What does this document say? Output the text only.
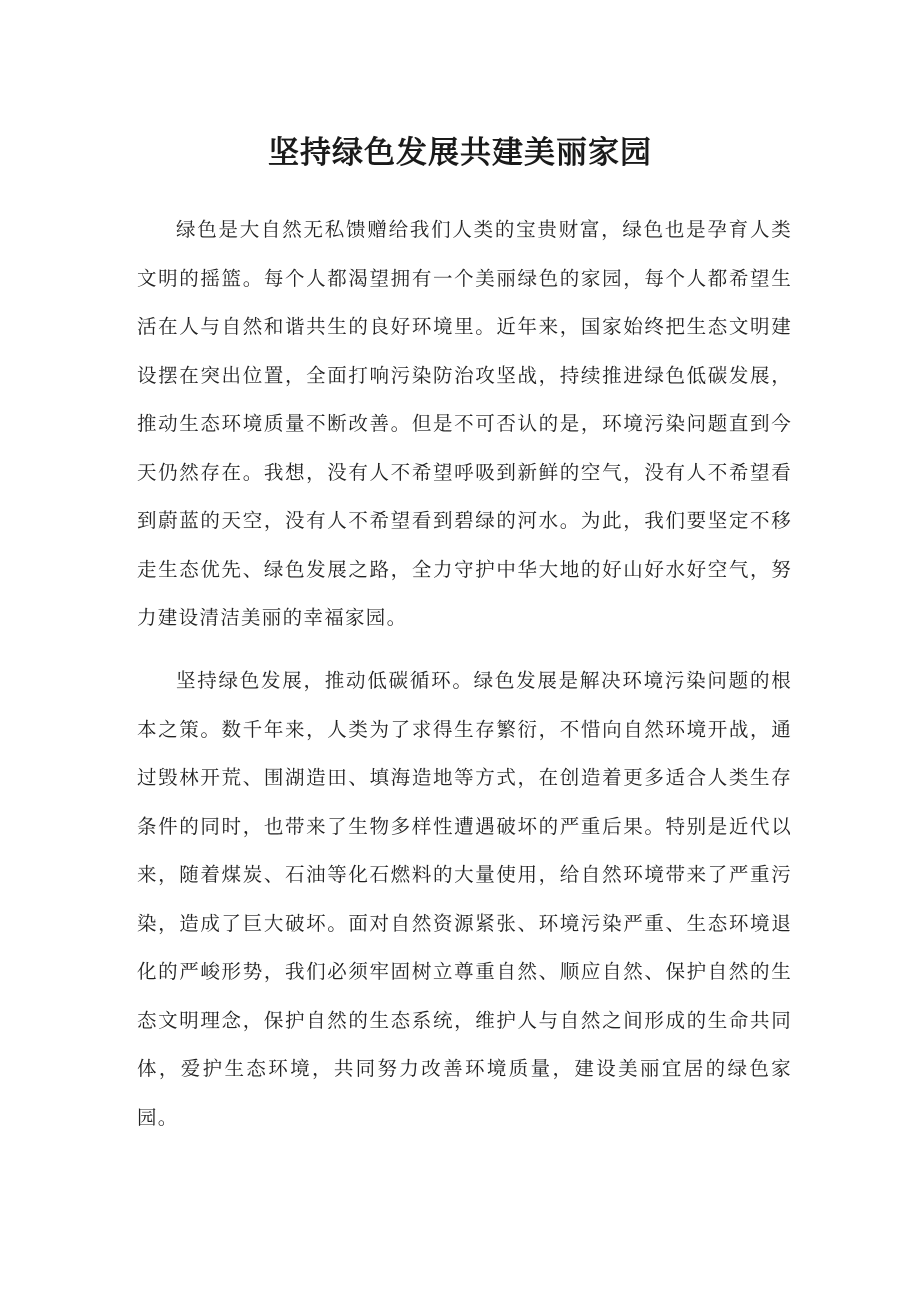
坚持绿色发展共建美丽家园

绿色是大自然无私馈赠给我们人类的宝贵财富，绿色也是孕育人类文明的摇篮。每个人都渴望拥有一个美丽绿色的家园，每个人都希望生活在人与自然和谐共生的良好环境里。近年来，国家始终把生态文明建设摆在突出位置，全面打响污染防治攻坚战，持续推进绿色低碳发展，推动生态环境质量不断改善。但是不可否认的是，环境污染问题直到今天仍然存在。我想，没有人不希望呼吸到新鲜的空气，没有人不希望看到蔚蓝的天空，没有人不希望看到碧绿的河水。为此，我们要坚定不移走生态优先、绿色发展之路，全力守护中华大地的好山好水好空气，努力建设清洁美丽的幸福家园。

坚持绿色发展，推动低碳循环。绿色发展是解决环境污染问题的根本之策。数千年来，人类为了求得生存繁衍，不惜向自然环境开战，通过毁林开荒、围湖造田、填海造地等方式，在创造着更多适合人类生存条件的同时，也带来了生物多样性遭遇破坏的严重后果。特别是近代以来，随着煤炭、石油等化石燃料的大量使用，给自然环境带来了严重污染，造成了巨大破坏。面对自然资源紧张、环境污染严重、生态环境退化的严峻形势，我们必须牢固树立尊重自然、顺应自然、保护自然的生态文明理念，保护自然的生态系统，维护人与自然之间形成的生命共同体，爱护生态环境，共同努力改善环境质量，建设美丽宜居的绿色家园。
